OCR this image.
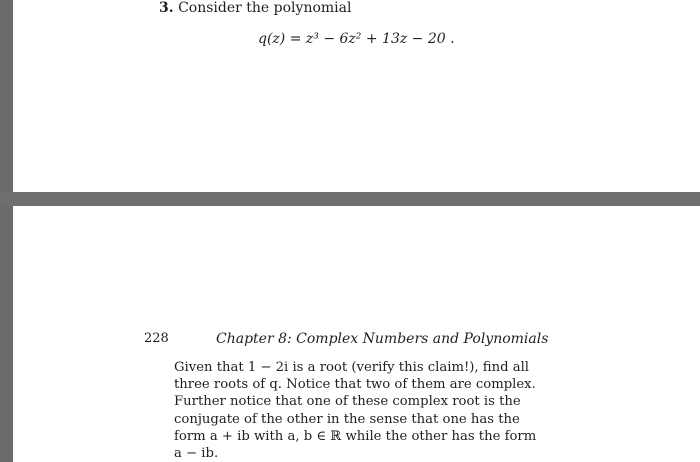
3. Consider the polynomial
q(z) = z³ − 6z² + 13z − 20 .
228	Chapter 8: Complex Numbers and Polynomials
Given that 1 − 2i is a root (verify this claim!), find all
three roots of q. Notice that two of them are complex.
Further notice that one of these complex root is the
conjugate of the other in the sense that one has the
form a + ib with a, b ∈ ℝ while the other has the form
a − ib.
